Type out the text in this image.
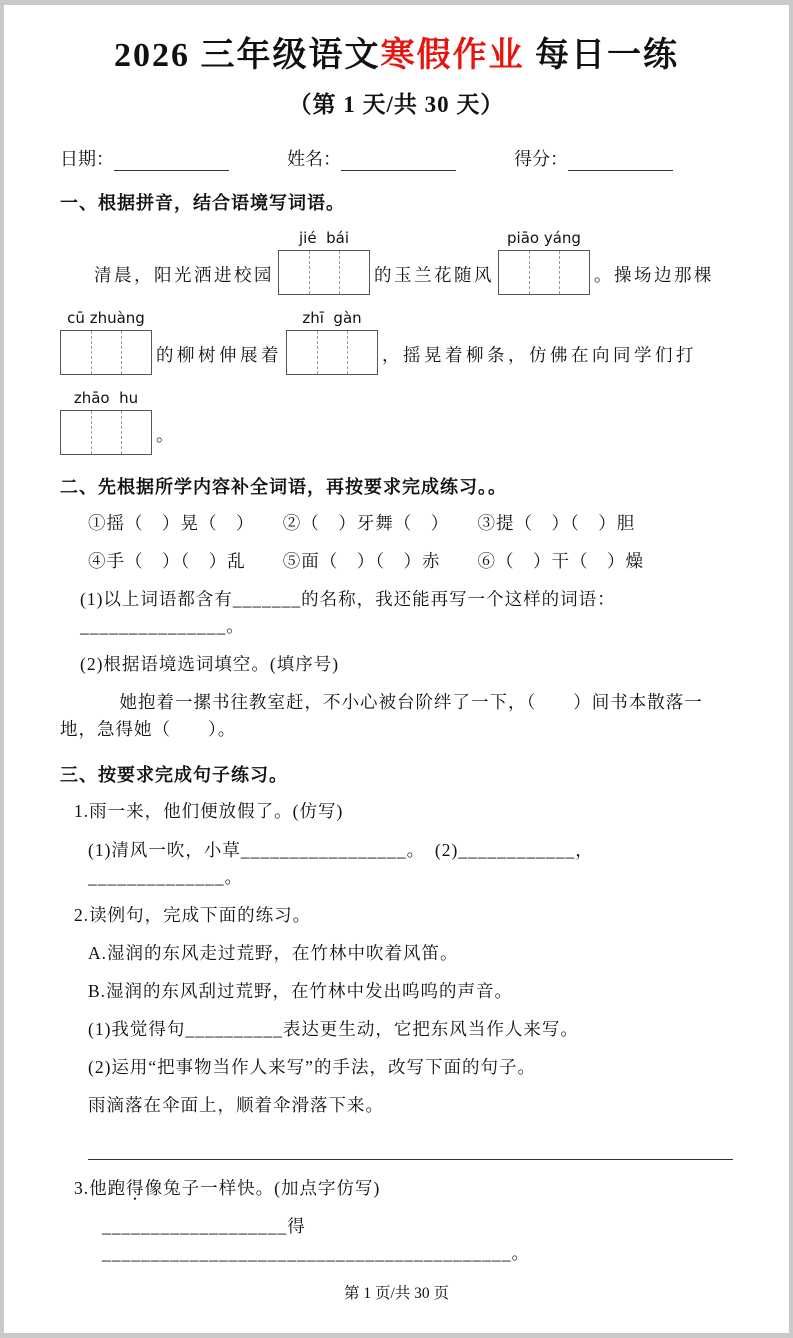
2026 三年级语文寒假作业 每日一练
（第 1 天/共 30 天）
日期：	姓名：	得分：
一、根据拼音，结合语境写词语。
清晨，阳光洒进校园
jié  bái
的玉兰花随风
piāo yáng
。操场边那棵
cū zhuàng
的柳树伸展着
zhī  gàn
，摇晃着柳条，仿佛在向同学们打
zhāo  hu
。
二、先根据所学内容补全词语，再按要求完成练习。。

①摇（　）晃（　）　　②（　）牙舞（　）　　③提（　）（　）胆

④手（　）（　）乱　　⑤面（　）（　）赤　　⑥（　）干（　）燥

(1)以上词语都含有_______的名称，我还能再写一个这样的词语：_______________。

(2)根据语境选词填空。(填序号)

她抱着一摞书往教室赶，不小心被台阶绊了一下，（　　）间书本散落一地，急得她（　　）。

三、按要求完成句子练习。

1.雨一来，他们便放假了。(仿写)

(1)清风一吹，小草_________________。　(2)____________，______________。

2.读例句，完成下面的练习。

A.湿润的东风走过荒野，在竹林中吹着风笛。

B.湿润的东风刮过荒野，在竹林中发出呜呜的声音。

(1)我觉得句__________表达更生动，它把东风当作人来写。

(2)运用“把事物当作人来写”的手法，改写下面的句子。

雨滴落在伞面上，顺着伞滑落下来。

3.他跑得像兔子一样快。(加点字仿写)

___________________得__________________________________________。

第 1 页/共 30 页
